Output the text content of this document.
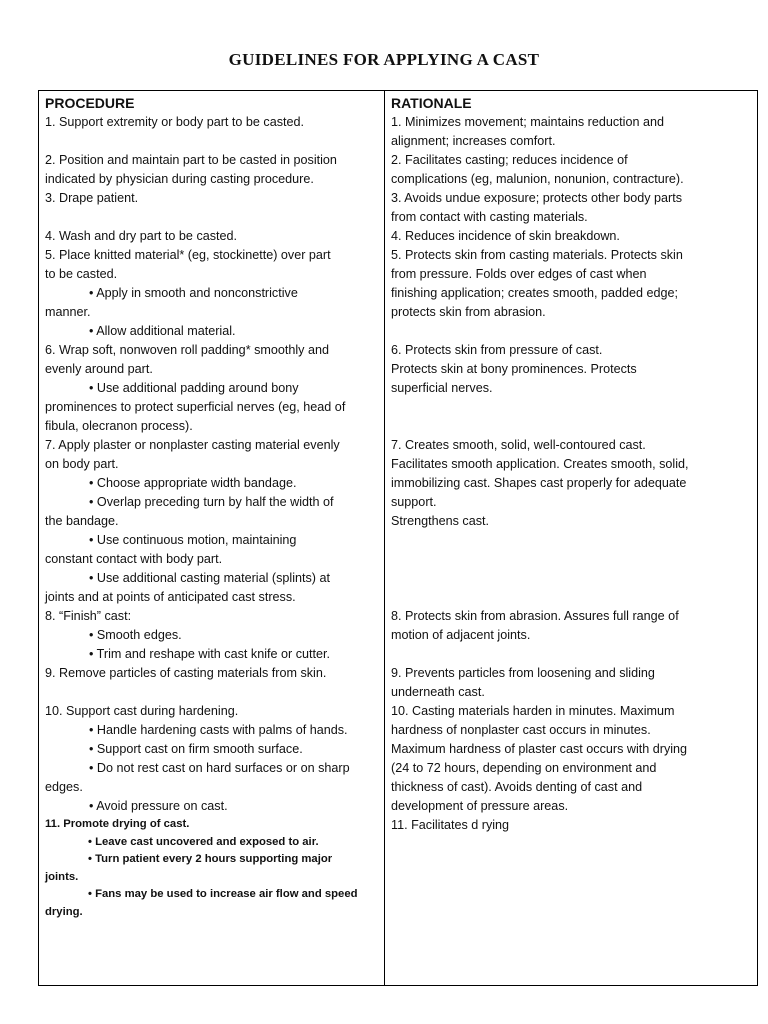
GUIDELINES FOR APPLYING A CAST
PROCEDURE
1. Support extremity or body part to be casted.
2. Position and maintain part to be casted in position
indicated by physician during casting procedure.
3. Drape patient.
4. Wash and dry part to be casted.
5. Place knitted material* (eg, stockinette) over part
to be casted.
• Apply in smooth and nonconstrictive
manner.
• Allow additional material.
6. Wrap soft, nonwoven roll padding* smoothly and
evenly around part.
• Use additional padding around bony
prominences to protect superficial nerves (eg, head of
fibula, olecranon process).
7. Apply plaster or nonplaster casting material evenly
on body part.
• Choose appropriate width bandage.
• Overlap preceding turn by half the width of
the bandage.
• Use continuous motion, maintaining
constant contact with body part.
• Use additional casting material (splints) at
joints and at points of anticipated cast stress.
8. “Finish” cast:
• Smooth edges.
• Trim and reshape with cast knife or cutter.
9. Remove particles of casting materials from skin.
10. Support cast during hardening.
• Handle hardening casts with palms of hands.
• Support cast on firm smooth surface.
• Do not rest cast on hard surfaces or on sharp
edges.
• Avoid pressure on cast.
11. Promote drying of cast.
• Leave cast uncovered and exposed to air.
• Turn patient every 2 hours supporting major
joints.
• Fans may be used to increase air flow and speed
drying.
RATIONALE
1. Minimizes movement; maintains reduction and
alignment; increases comfort.
2. Facilitates casting; reduces incidence of
complications (eg, malunion, nonunion, contracture).
3. Avoids undue exposure; protects other body parts
from contact with casting materials.
4. Reduces incidence of skin breakdown.
5. Protects skin from casting materials. Protects skin
from pressure. Folds over edges of cast when
finishing application; creates smooth, padded edge;
protects skin from abrasion.
6. Protects skin from pressure of cast.
Protects skin at bony prominences. Protects
superficial nerves.
7. Creates smooth, solid, well-contoured cast.
Facilitates smooth application. Creates smooth, solid,
immobilizing cast. Shapes cast properly for adequate
support.
Strengthens cast.
8. Protects skin from abrasion. Assures full range of
motion of adjacent joints.
9. Prevents particles from loosening and sliding
underneath cast.
10. Casting materials harden in minutes. Maximum
hardness of nonplaster cast occurs in minutes.
Maximum hardness of plaster cast occurs with drying
(24 to 72 hours, depending on environment and
thickness of cast). Avoids denting of cast and
development of pressure areas.
11. Facilitates d rying
